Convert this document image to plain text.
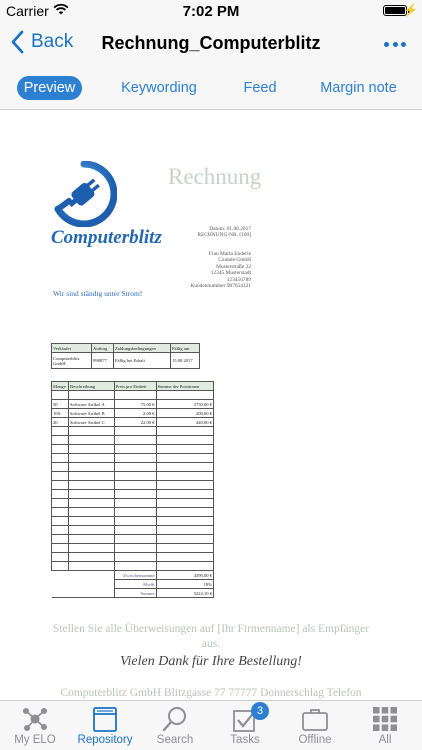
Carrier	7:02 PM	⚡
Back	Rechnung_Computerblitz
Preview	Keywording	Feed	Margin note
Computerblitz
Rechnung
Datum: 01.08.2017
RECHNUNG-NR. [100]
Frau Marta Enderle
Coutale GmbH
Musterstraße 22
12345 Musterstadt
123456789
Kundennummer 987654321
Wir sind ständig unter Strom!
Verkäufer	Auftrag	Zahlungsbedingungen	Fällig am
Computerblitz GmbH	998877	Fällig bei Erhalt	15.09.2017
Menge	Beschreibung	Preis pro Einheit	Summe der Positionen

50	Software Artikel A	75,00 €	3750,00 €
100	Software Artikel B	2,00 €	200,00 €
20	Software Artikel C	22,00 €	440,00 €

		Zwischensumme	4390,00 €
		MwSt	19%
		Summe	5224,10 €
Stellen Sie alle Überweisungen auf [Ihr Firmenname] als Empfänger
aus.
Vielen Dank für Ihre Bestellung!
Computerblitz GmbH Blitzgasse 77 77777 Donnerschlag Telefon
My ELO	Repository	Search
3
Tasks	Offline	All
